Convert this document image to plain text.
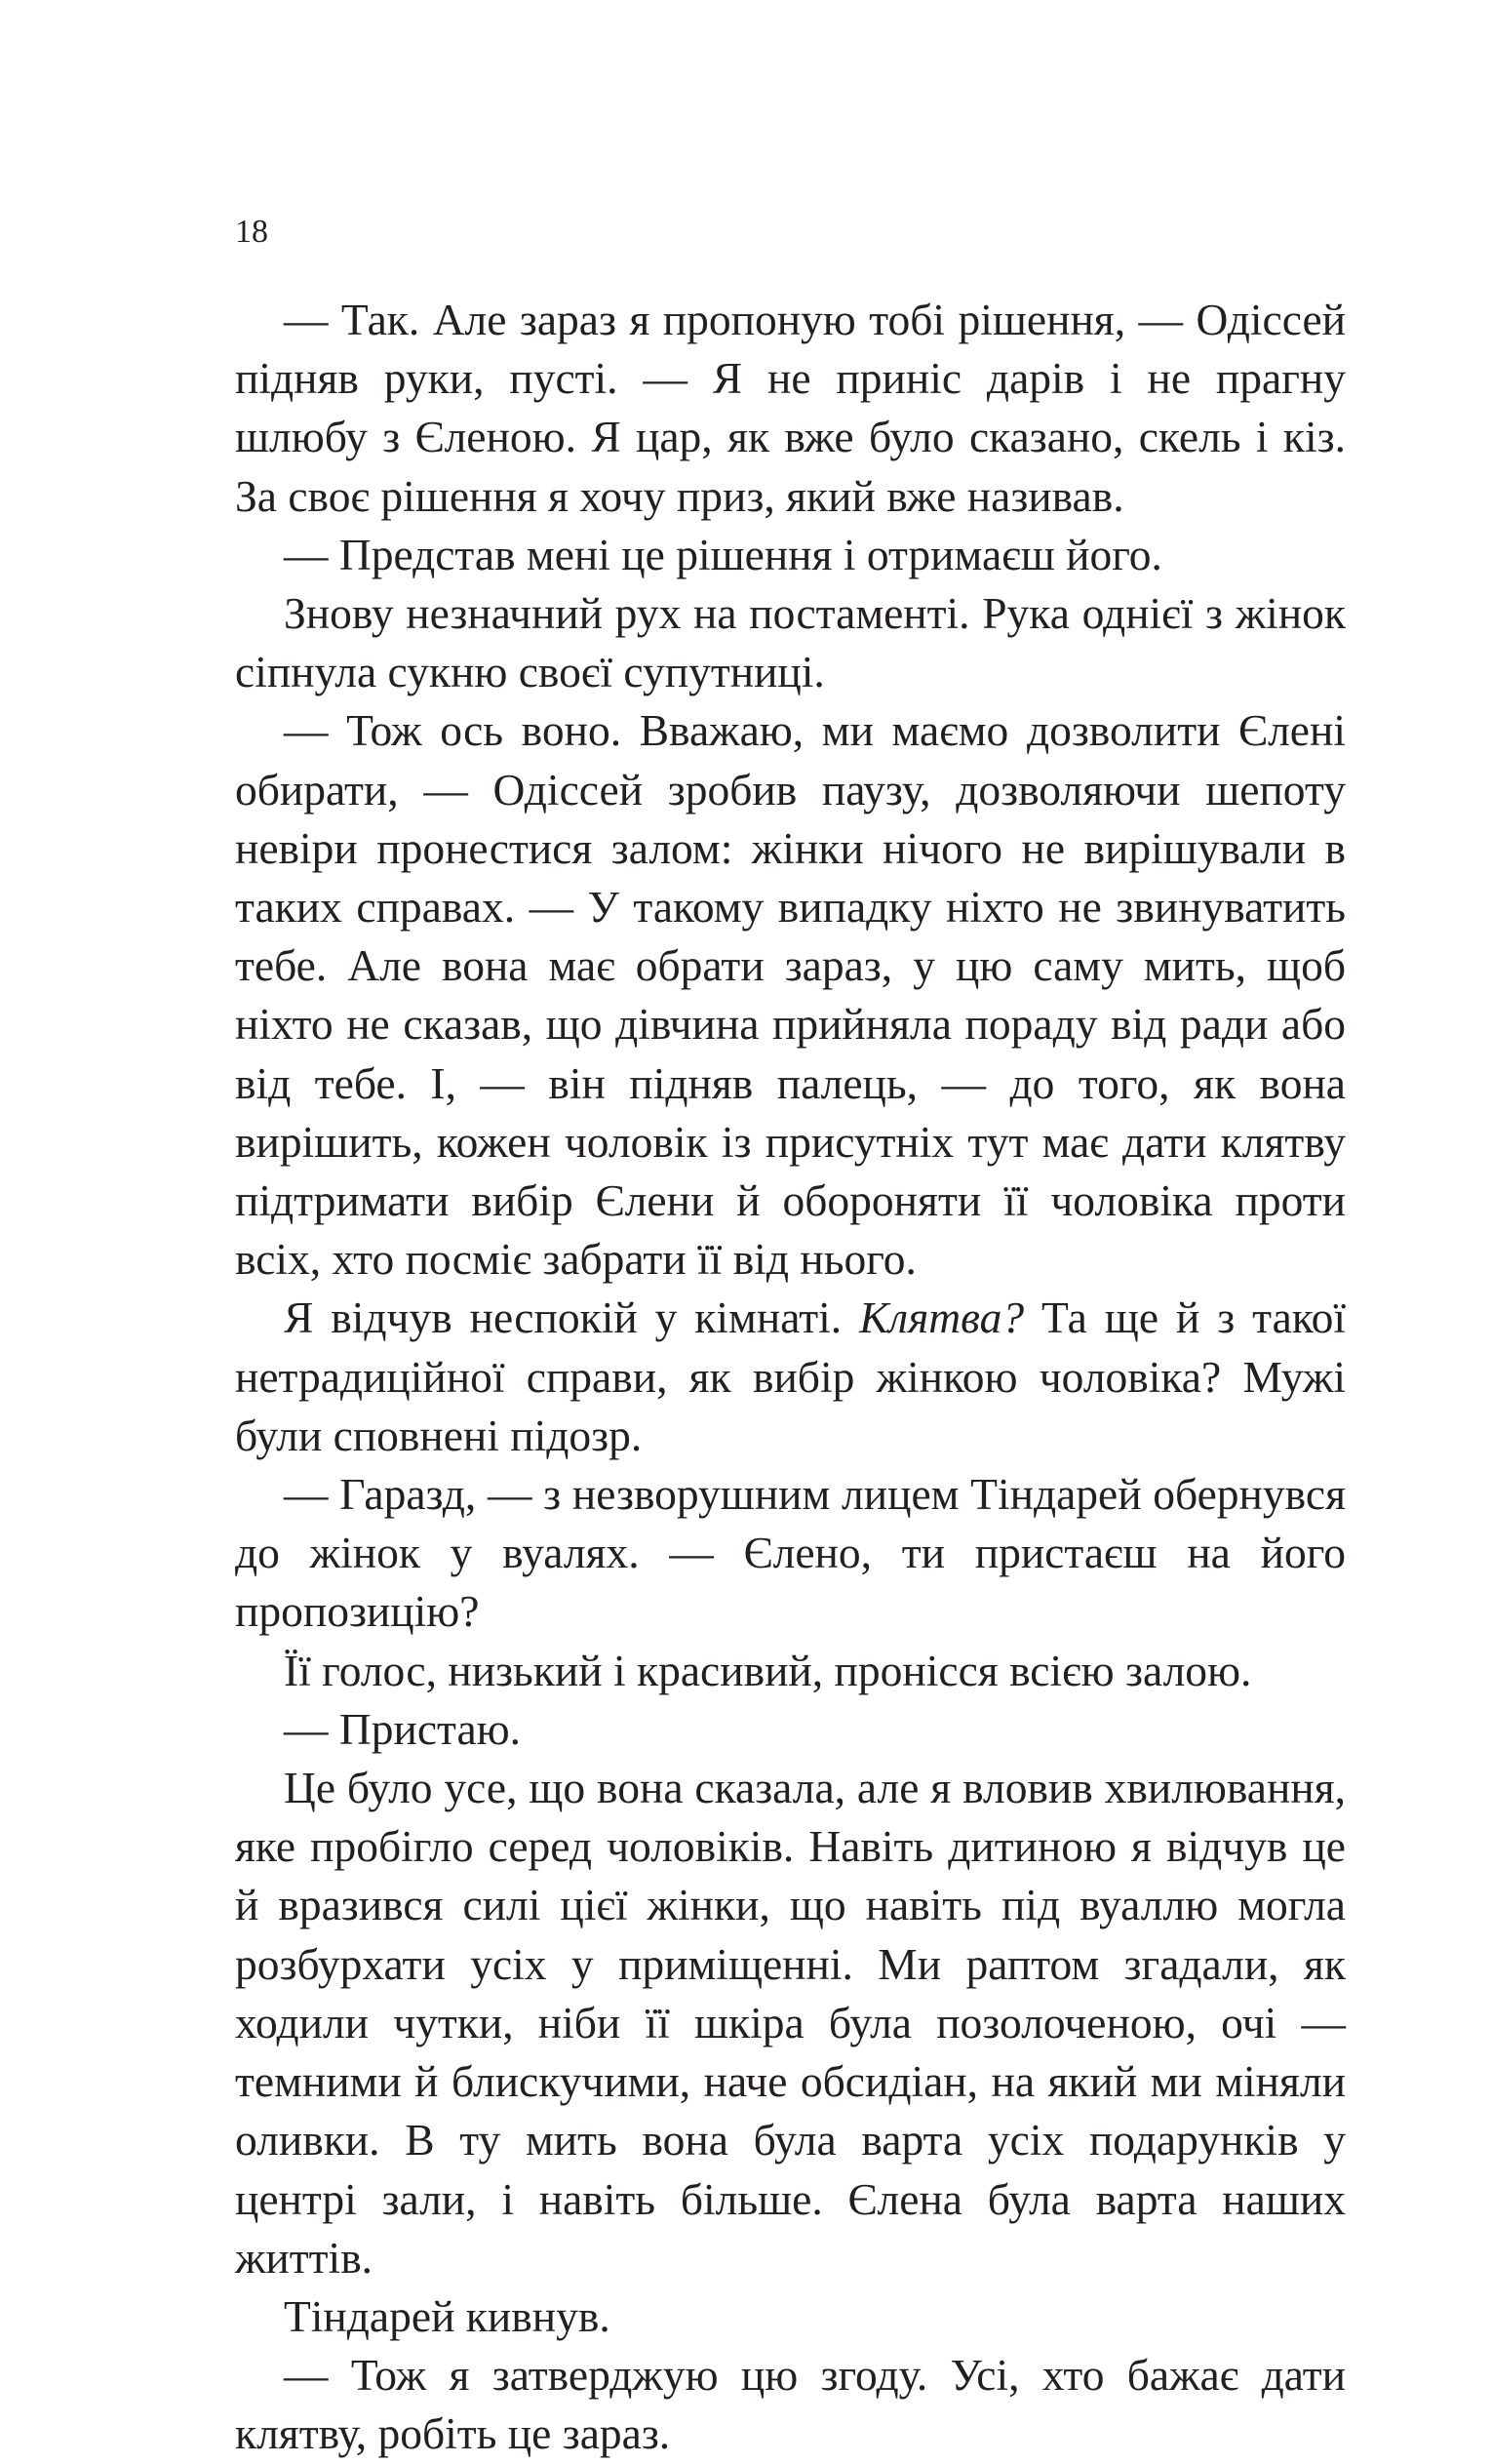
18

— Так. Але зараз я пропоную тобі рішення, — Одіссей підняв руки, пусті. — Я не приніс дарів і не прагну шлюбу з Єленою. Я цар, як вже було сказано, скель і кіз. За своє рішення я хочу приз, який вже називав.

— Представ мені це рішення і отримаєш його.

Знову незначний рух на постаменті. Рука однієї з жінок сіпнула сукню своєї супутниці.

— Тож ось воно. Вважаю, ми маємо дозволити Єлені обирати, — Одіссей зробив паузу, дозволяючи шепоту невіри пронестися залом: жінки нічого не вирішували в таких справах. — У такому випадку ніхто не звинуватить тебе. Але вона має обрати зараз, у цю саму мить, щоб ніхто не сказав, що дівчина прийняла пораду від ради або від тебе. І, — він підняв палець, — до того, як вона вирішить, кожен чоловік із присутніх тут має дати клятву підтримати вибір Єлени й обороняти її чоловіка проти всіх, хто посміє забрати її від нього.

Я відчув неспокій у кімнаті. Клятва? Та ще й з такої нетрадиційної справи, як вибір жінкою чоловіка? Мужі були сповнені підозр.

— Гаразд, — з незворушним лицем Тіндарей обернувся до жінок у вуалях. — Єлено, ти пристаєш на його пропозицію?

Її голос, низький і красивий, пронісся всією залою.

— Пристаю.

Це було усе, що вона сказала, але я вловив хвилювання, яке пробігло серед чоловіків. Навіть дитиною я відчув це й вразився силі цієї жінки, що навіть під вуаллю могла розбурхати усіх у приміщенні. Ми раптом згадали, як ходили чутки, ніби її шкіра була позолоченою, очі — темними й блискучими, наче обсидіан, на який ми міняли оливки. В ту мить вона була варта усіх подарунків у центрі зали, і навіть більше. Єлена була варта наших життів.

Тіндарей кивнув.

— Тож я затверджую цю згоду. Усі, хто бажає дати клятву, робіть це зараз.
